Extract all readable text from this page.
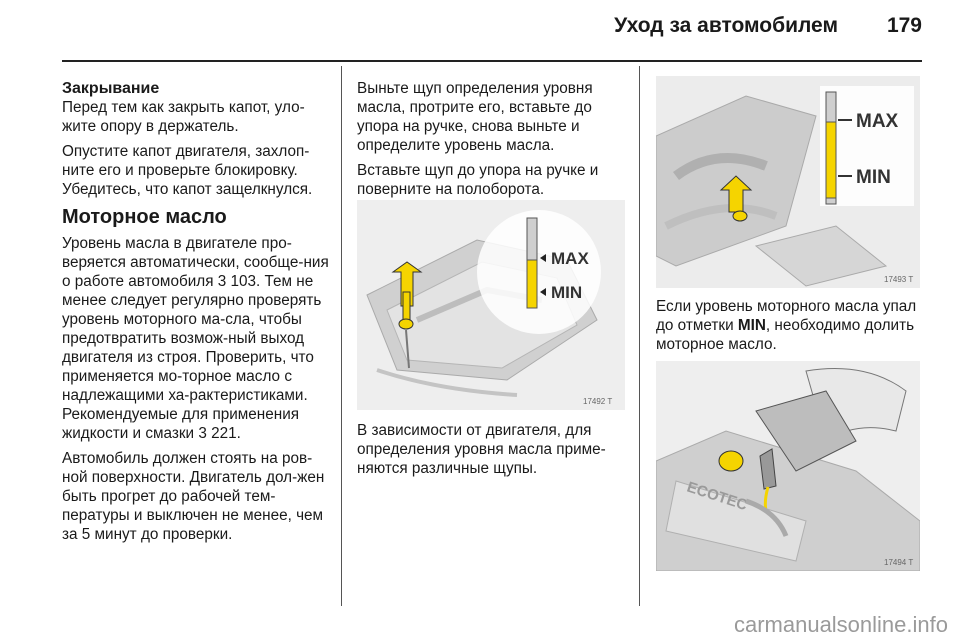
Уход за автомобилем	179
Закрывание

Перед тем как закрыть капот, уло-жите опору в держатель.

Опустите капот двигателя, захлоп-ните его и проверьте блокировку. Убедитесь, что капот защелкнулся.

Моторное масло

Уровень масла в двигателе про-веряется автоматически, сообще-ния о работе автомобиля 3 103. Тем не менее следует регулярно проверять уровень моторного ма-сла, чтобы предотвратить возмож-ный выход двигателя из строя. Проверить, что применяется мо-торное масло с надлежащими ха-рактеристиками. Рекомендуемые для применения жидкости и смазки 3 221.

Автомобиль должен стоять на ров-ной поверхности. Двигатель дол-жен быть прогрет до рабочей тем-пературы и выключен не менее, чем за 5 минут до проверки.

Выньте щуп определения уровня масла, протрите его, вставьте до упора на ручке, снова выньте и определите уровень масла.

Вставьте щуп до упора на ручке и поверните на полоборота.

MAX
MIN
17492 T

В зависимости от двигателя, для определения уровня масла приме-няются различные щупы.

MAX
MIN
17493 T

Если уровень моторного масла упал до отметки MIN, необходимо долить моторное масло.

ECOTEC
17494 T
carmanualsonline.info
